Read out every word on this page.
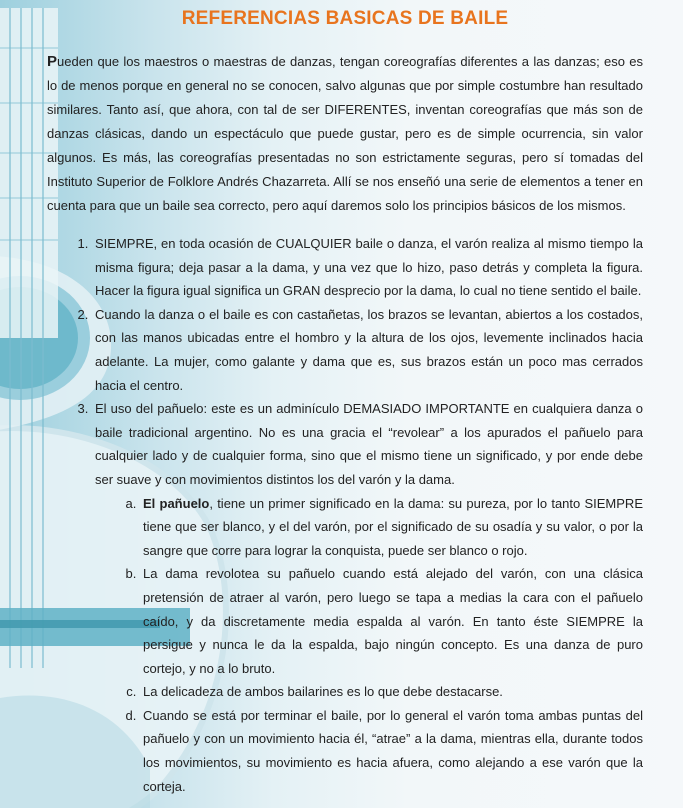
REFERENCIAS BASICAS DE BAILE

Pueden que los maestros o maestras de danzas, tengan coreografías diferentes a las danzas; eso es lo de menos porque en general no se conocen, salvo algunas que por simple costumbre han resultado similares. Tanto así, que ahora, con tal de ser DIFERENTES, inventan coreografías que más son de danzas clásicas, dando un espectáculo que puede gustar, pero es de simple ocurrencia, sin valor algunos. Es más, las coreografías presentadas no son estrictamente seguras, pero sí tomadas del Instituto Superior de Folklore Andrés Chazarreta. Allí se nos enseñó una serie de elementos a tener en cuenta para que un baile sea correcto, pero aquí daremos solo los principios básicos de los mismos.

1. SIEMPRE, en toda ocasión de CUALQUIER baile o danza, el varón realiza al mismo tiempo la misma figura; deja pasar a la dama, y una vez que lo hizo, paso detrás y completa la figura. Hacer la figura igual significa un GRAN desprecio por la dama, lo cual no tiene sentido el baile.
2. Cuando la danza o el baile es con castañetas, los brazos se levantan, abiertos a los costados, con las manos ubicadas entre el hombro y la altura de los ojos, levemente inclinados hacia adelante. La mujer, como galante y dama que es, sus brazos están un poco mas cerrados hacia el centro.
3. El uso del pañuelo: este es un adminículo DEMASIADO IMPORTANTE en cualquiera danza o baile tradicional argentino. No es una gracia el “revolear” a los apurados el pañuelo para cualquier lado y de cualquier forma, sino que el mismo tiene un significado, y por ende debe ser suave y con movimientos distintos los del varón y la dama.
a. El pañuelo, tiene un primer significado en la dama: su pureza, por lo tanto SIEMPRE tiene que ser blanco, y el del varón, por el significado de su osadía y su valor, o por la sangre que corre para lograr la conquista, puede ser blanco o rojo.
b. La dama revolotea su pañuelo cuando está alejado del varón, con una clásica pretensión de atraer al varón, pero luego se tapa a medias la cara con el pañuelo caído, y da discretamente media espalda al varón. En tanto éste SIEMPRE la persigue y nunca le da la espalda, bajo ningún concepto. Es una danza de puro cortejo, y no a lo bruto.
c. La delicadeza de ambos bailarines es lo que debe destacarse.
d. Cuando se está por terminar el baile, por lo general el varón toma ambas puntas del pañuelo y con un movimiento hacia él, “atrae” a la dama, mientras ella, durante todos los movimientos, su movimiento es hacia afuera, como alejando a ese varón que la corteja.
